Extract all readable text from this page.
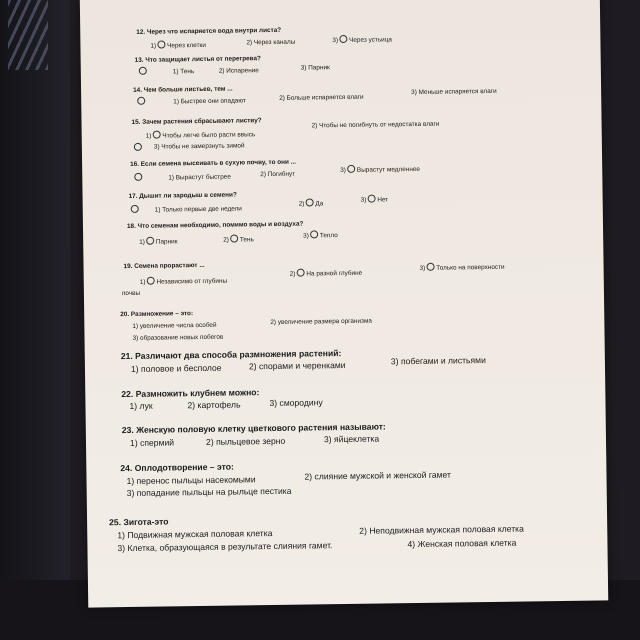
12. Через что испаряется вода внутри листа?
1) Через клетки	2) Через каналы	3) Через устьица
13. Что защищает листья от перегрева?
1) Тень	2) Испарение	3) Парник
14. Чем больше листьев, тем ...
1) Быстрее они опадают	2) Больше испаряется влаги
3) Меньше испаряется влаги
15. Зачем растения сбрасывают листву?
1) Чтобы легче было расти ввысь
2) Чтобы не погибнуть от недостатка влаги
3) Чтобы не замерзнуть зимой
16. Если семена высеивать в сухую почву, то они ...
1) Вырастут быстрее	2) Погибнут
3) Вырастут медленнее
17. Дышит ли зародыш в семени?
1) Только первые две недели
2) Да
3) Нет
18. Что семенам необходимо, помимо воды и воздуха?
1) Парник	2) Тень
3) Тепло
19. Семена прорастают ...
1) Независимо от глубины
почвы
2) На разной глубине
3) Только на поверхности
20. Размножение – это:
1) увеличение числа особей	2) увеличение размера организма
3) образование новых побегов
21. Различают два способа размножения растений:
1) половое и бесполое	2) спорами и черенками	3) побегами и листьями
22. Размножить клубнем можно:
1) лук	2) картофель	3) смородину
23. Женскую половую клетку цветкового растения называют:
1) спермий	2) пыльцевое зерно	3) яйцеклетка
24. Оплодотворение – это:
1) перенос пыльцы насекомыми	2) слияние мужской и женской гамет
3) попадание пыльцы на рыльце пестика
25. Зигота-это
1) Подвижная мужская половая клетка	2) Неподвижная мужская половая клетка
3) Клетка, образующаяся в результате слияния гамет.	4) Женская половая клетка
